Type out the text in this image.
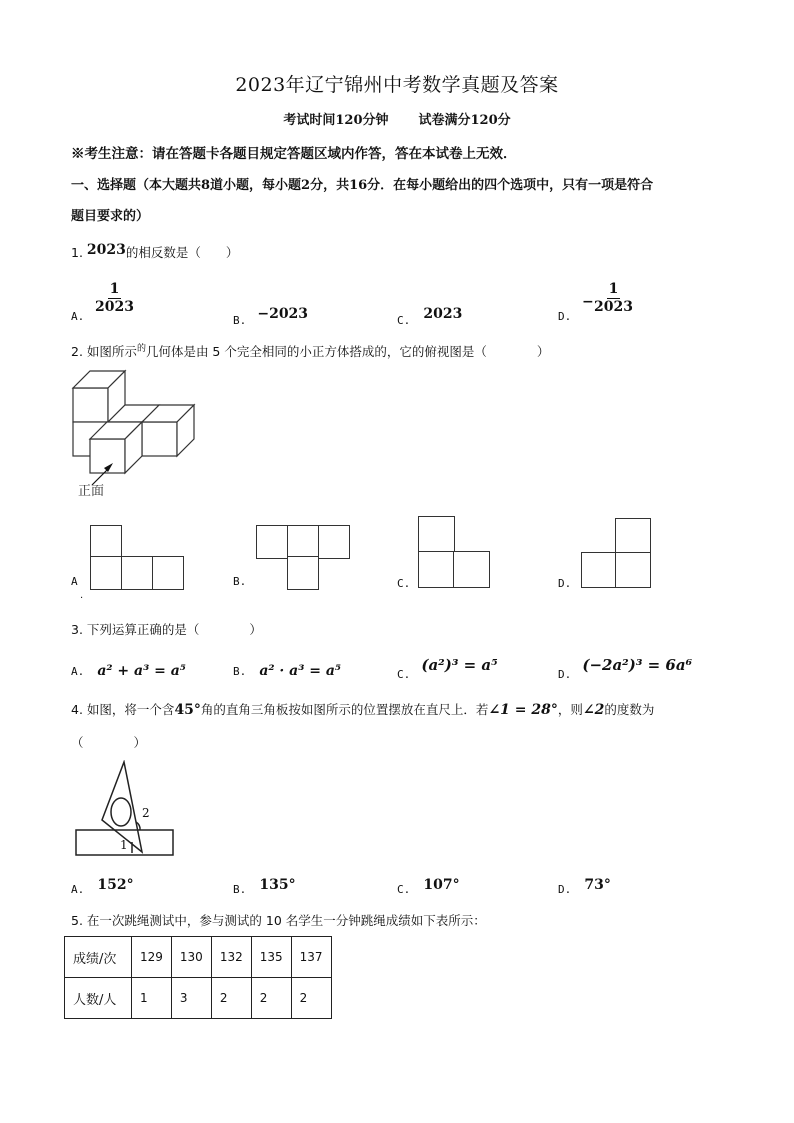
2023年辽宁锦州中考数学真题及答案
考试时间120分钟 试卷满分120分
※考生注意：请在答题卡各题目规定答题区域内作答，答在本试卷上无效．
一、选择题（本大题共8道小题，每小题2分，共16分．在每小题给出的四个选项中，只有一项是符合
题目要求的）
1. 2023的相反数是（　　）
A.
$\frac{1}{2023}$
$_{B.}$ −2023	$_{C.}$ 2023	D.
− $\frac{1}{2023}$
2. 如图所示$^的$几何体是由 5 个完全相同的小正方体搭成的，它的俯视图是（　　　　）
正面
A
·
B.	C.	D.
3. 下列运算正确的是（　　　　）
A. a² + a³ = a⁵	B. a² · a³ = a⁵	$_{C.}$ (a²)³ = a⁵
$_{D.}$ (−2a²)³ = 6a⁶
4. 如图，将一个含45°角的直角三角板按如图所示的位置摆放在直尺上．若∠1 = 28°，则∠2的度数为
（　　　　）
2
1
$_{A.}$ 152°	$_{B.}$ 135°	$_{C.}$ 107°	$_{D.}$ 73°
5. 在一次跳绳测试中，参与测试的 10 名学生一分钟跳绳成绩如下表所示：
成绩/次	129	130	132	135	137
人数/人	1	3	2	2	2
